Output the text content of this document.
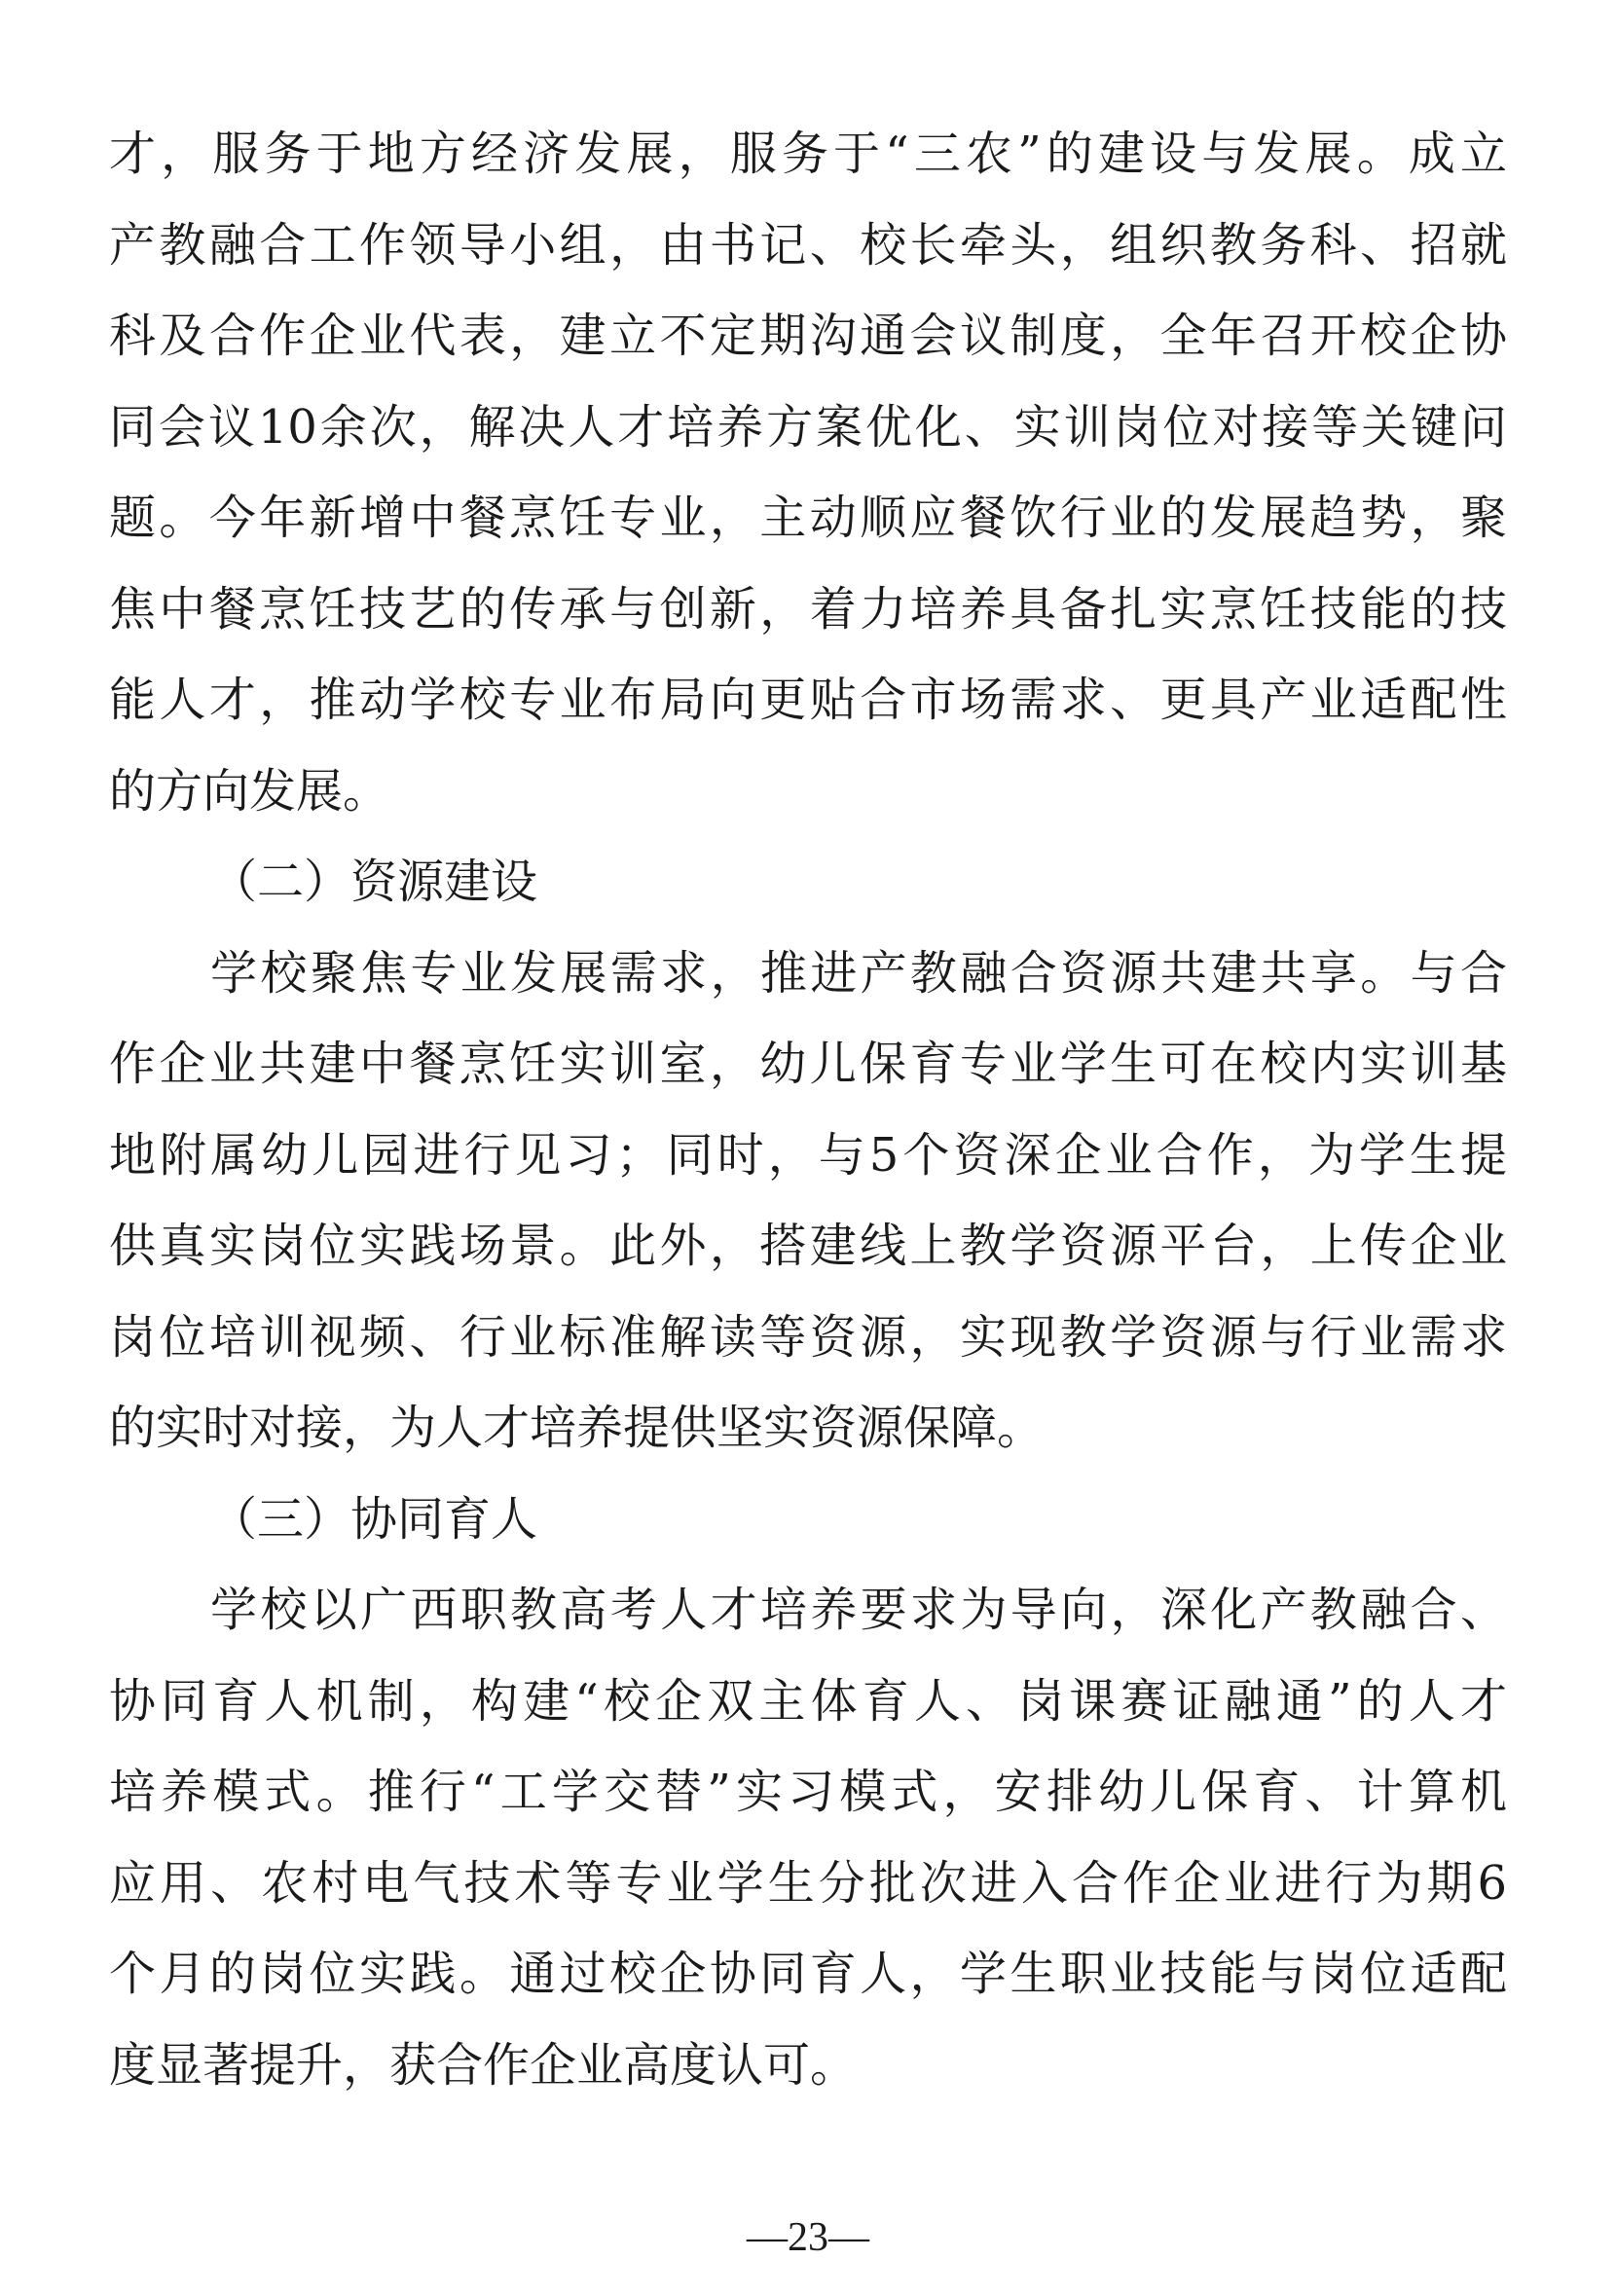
才，服务于地方经济发展，服务于“三农”的建设与发展。成立
产教融合工作领导小组，由书记、校长牵头，组织教务科、招就
科及合作企业代表，建立不定期沟通会议制度，全年召开校企协
同会议10余次，解决人才培养方案优化、实训岗位对接等关键问
题。今年新增中餐烹饪专业，主动顺应餐饮行业的发展趋势，聚
焦中餐烹饪技艺的传承与创新，着力培养具备扎实烹饪技能的技
能人才，推动学校专业布局向更贴合市场需求、更具产业适配性
的方向发展。
（二）资源建设
学校聚焦专业发展需求，推进产教融合资源共建共享。与合
作企业共建中餐烹饪实训室，幼儿保育专业学生可在校内实训基
地附属幼儿园进行见习；同时，与5个资深企业合作，为学生提
供真实岗位实践场景。此外，搭建线上教学资源平台，上传企业
岗位培训视频、行业标准解读等资源，实现教学资源与行业需求
的实时对接，为人才培养提供坚实资源保障。
（三）协同育人
学校以广西职教高考人才培养要求为导向，深化产教融合、
协同育人机制，构建“校企双主体育人、岗课赛证融通”的人才
培养模式。推行“工学交替”实习模式，安排幼儿保育、计算机
应用、农村电气技术等专业学生分批次进入合作企业进行为期6
个月的岗位实践。通过校企协同育人，学生职业技能与岗位适配
度显著提升，获合作企业高度认可。
—23—
